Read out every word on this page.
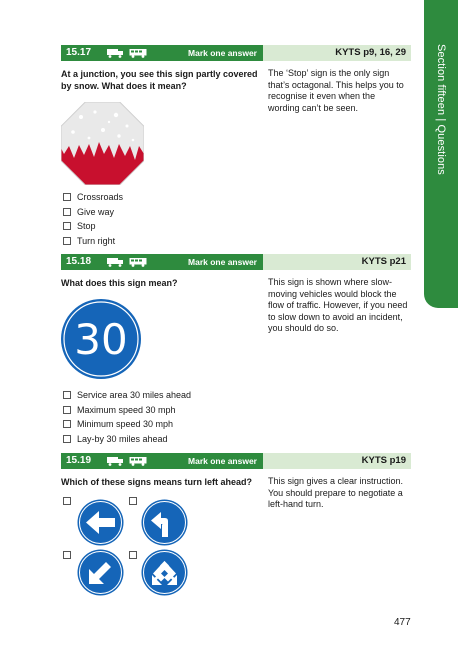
Section fifteen | Questions
15.17	Mark one answer	KYTS p9, 16, 29
At a junction, you see this sign partly covered by snow. What does it mean?
The ‘Stop’ sign is the only sign that’s octagonal. This helps you to recognise it even when the wording can’t be seen.
Crossroads
Give way
Stop
Turn right
15.18	Mark one answer	KYTS p21
What does this sign mean?	This sign is shown where slow-moving vehicles would block the flow of traffic. However, if you need to slow down to avoid an incident, you should do so.
30
Service area 30 miles ahead
Maximum speed 30 mph
Minimum speed 30 mph
Lay-by 30 miles ahead
15.19	Mark one answer	KYTS p19
Which of these signs means turn left ahead?	This sign gives a clear instruction. You should prepare to negotiate a left-hand turn.
477
